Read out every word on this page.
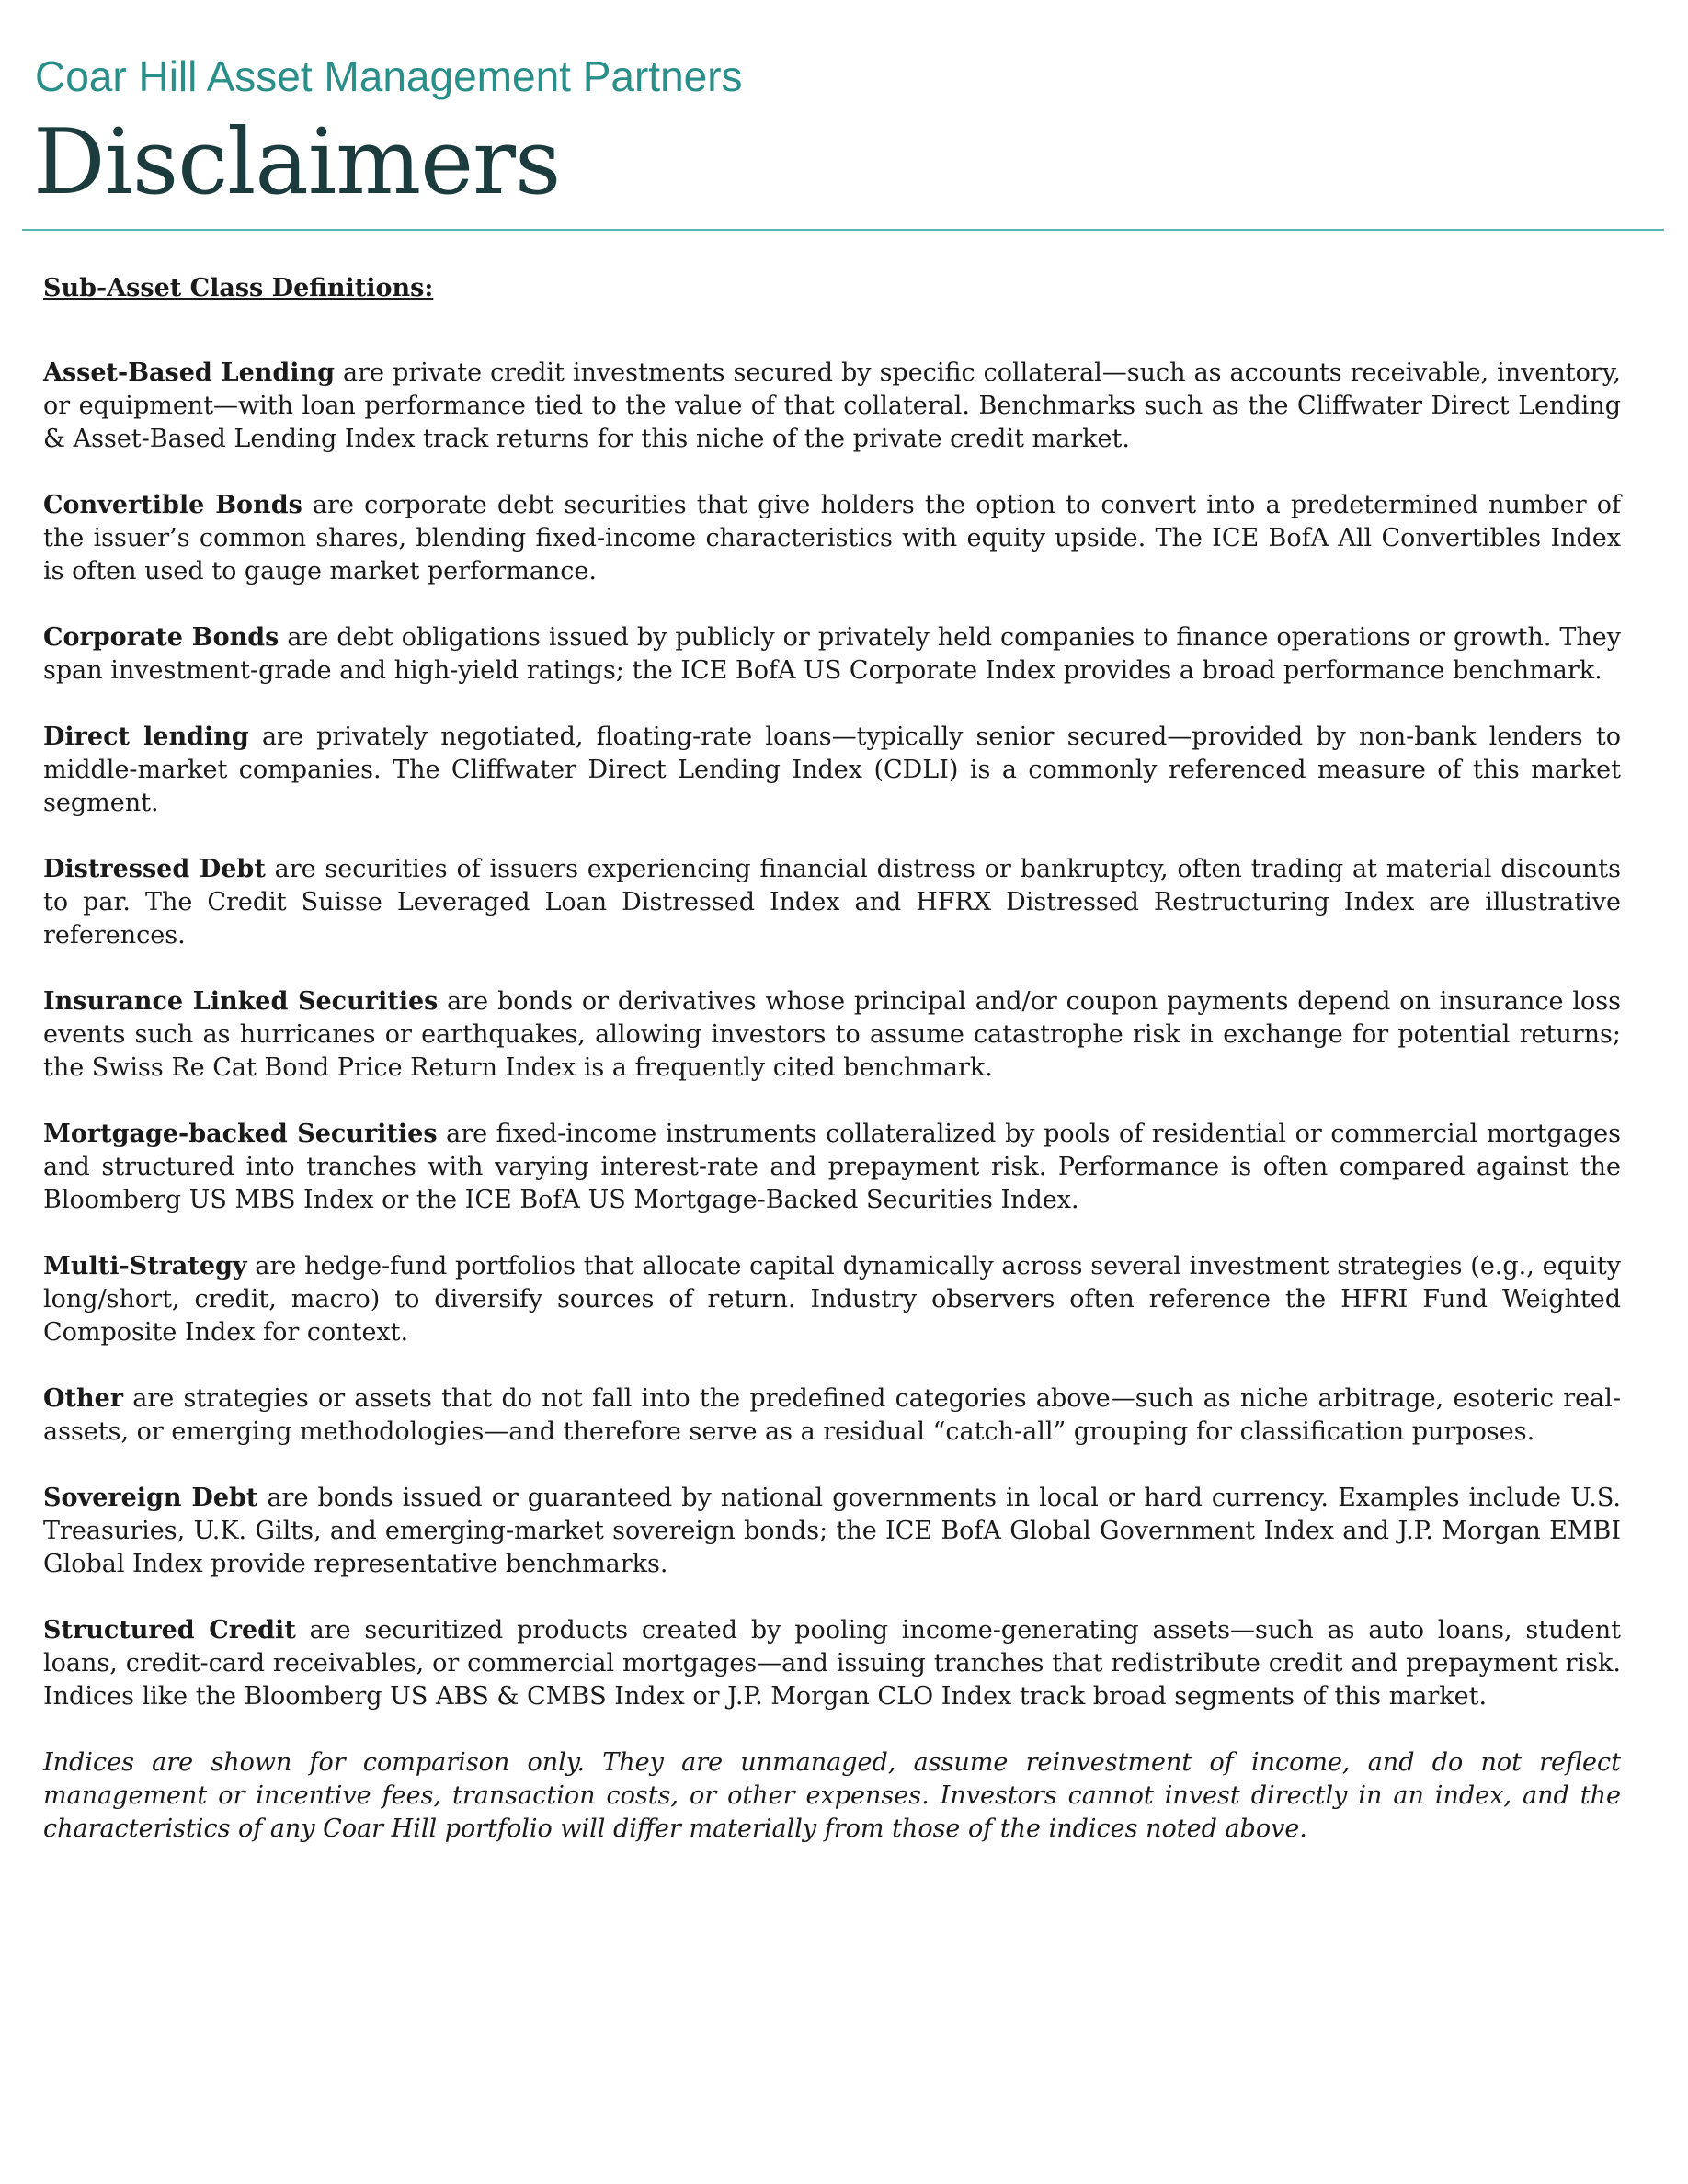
Coar Hill Asset Management Partners
Disclaimers
Sub-Asset Class Definitions:

Asset-Based Lending are private credit investments secured by specific collateral—such as accounts receivable, inventory, or equipment—with loan performance tied to the value of that collateral. Benchmarks such as the Cliffwater Direct Lending & Asset-Based Lending Index track returns for this niche of the private credit market.

Convertible Bonds are corporate debt securities that give holders the option to convert into a predetermined number of the issuer’s common shares, blending fixed-income characteristics with equity upside. The ICE BofA All Convertibles Index is often used to gauge market performance.

Corporate Bonds are debt obligations issued by publicly or privately held companies to finance operations or growth. They span investment-grade and high-yield ratings; the ICE BofA US Corporate Index provides a broad performance benchmark.

Direct lending are privately negotiated, floating-rate loans—typically senior secured—provided by non-bank lenders to middle-market companies. The Cliffwater Direct Lending Index (CDLI) is a commonly referenced measure of this market segment.

Distressed Debt are securities of issuers experiencing financial distress or bankruptcy, often trading at material discounts to par. The Credit Suisse Leveraged Loan Distressed Index and HFRX Distressed Restructuring Index are illustrative references.

Insurance Linked Securities are bonds or derivatives whose principal and/or coupon payments depend on insurance loss events such as hurricanes or earthquakes, allowing investors to assume catastrophe risk in exchange for potential returns; the Swiss Re Cat Bond Price Return Index is a frequently cited benchmark.

Mortgage-backed Securities are fixed-income instruments collateralized by pools of residential or commercial mortgages and structured into tranches with varying interest-rate and prepayment risk. Performance is often compared against the Bloomberg US MBS Index or the ICE BofA US Mortgage-Backed Securities Index.

Multi-Strategy are hedge-fund portfolios that allocate capital dynamically across several investment strategies (e.g., equity long/short, credit, macro) to diversify sources of return. Industry observers often reference the HFRI Fund Weighted Composite Index for context.

Other are strategies or assets that do not fall into the predefined categories above—such as niche arbitrage, esoteric real-assets, or emerging methodologies—and therefore serve as a residual “catch-all” grouping for classification purposes.

Sovereign Debt are bonds issued or guaranteed by national governments in local or hard currency. Examples include U.S. Treasuries, U.K. Gilts, and emerging-market sovereign bonds; the ICE BofA Global Government Index and J.P. Morgan EMBI Global Index provide representative benchmarks.

Structured Credit are securitized products created by pooling income-generating assets—such as auto loans, student loans, credit-card receivables, or commercial mortgages—and issuing tranches that redistribute credit and prepayment risk. Indices like the Bloomberg US ABS & CMBS Index or J.P. Morgan CLO Index track broad segments of this market.

Indices are shown for comparison only. They are unmanaged, assume reinvestment of income, and do not reflect management or incentive fees, transaction costs, or other expenses. Investors cannot invest directly in an index, and the characteristics of any Coar Hill portfolio will differ materially from those of the indices noted above.
